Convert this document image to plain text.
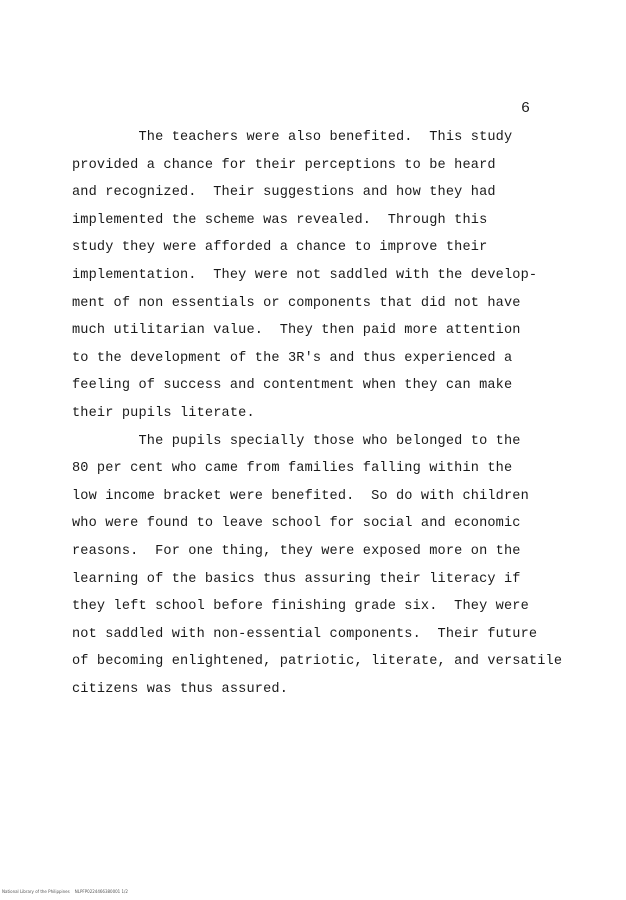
6
The teachers were also benefited.  This study
provided a chance for their perceptions to be heard
and recognized.  Their suggestions and how they had
implemented the scheme was revealed.  Through this
study they were afforded a chance to improve their
implementation.  They were not saddled with the develop-
ment of non essentials or components that did not have
much utilitarian value.  They then paid more attention
to the development of the 3R's and thus experienced a
feeling of success and contentment when they can make
their pupils literate.
The pupils specially those who belonged to the
80 per cent who came from families falling within the
low income bracket were benefited.  So do with children
who were found to leave school for social and economic
reasons.  For one thing, they were exposed more on the
learning of the basics thus assuring their literacy if
they left school before finishing grade six.  They were
not saddled with non-essential components.  Their future
of becoming enlightened, patriotic, literate, and versatile
citizens was thus assured.
National Library of the Philippines    NLPFP0224466380001 1/2
